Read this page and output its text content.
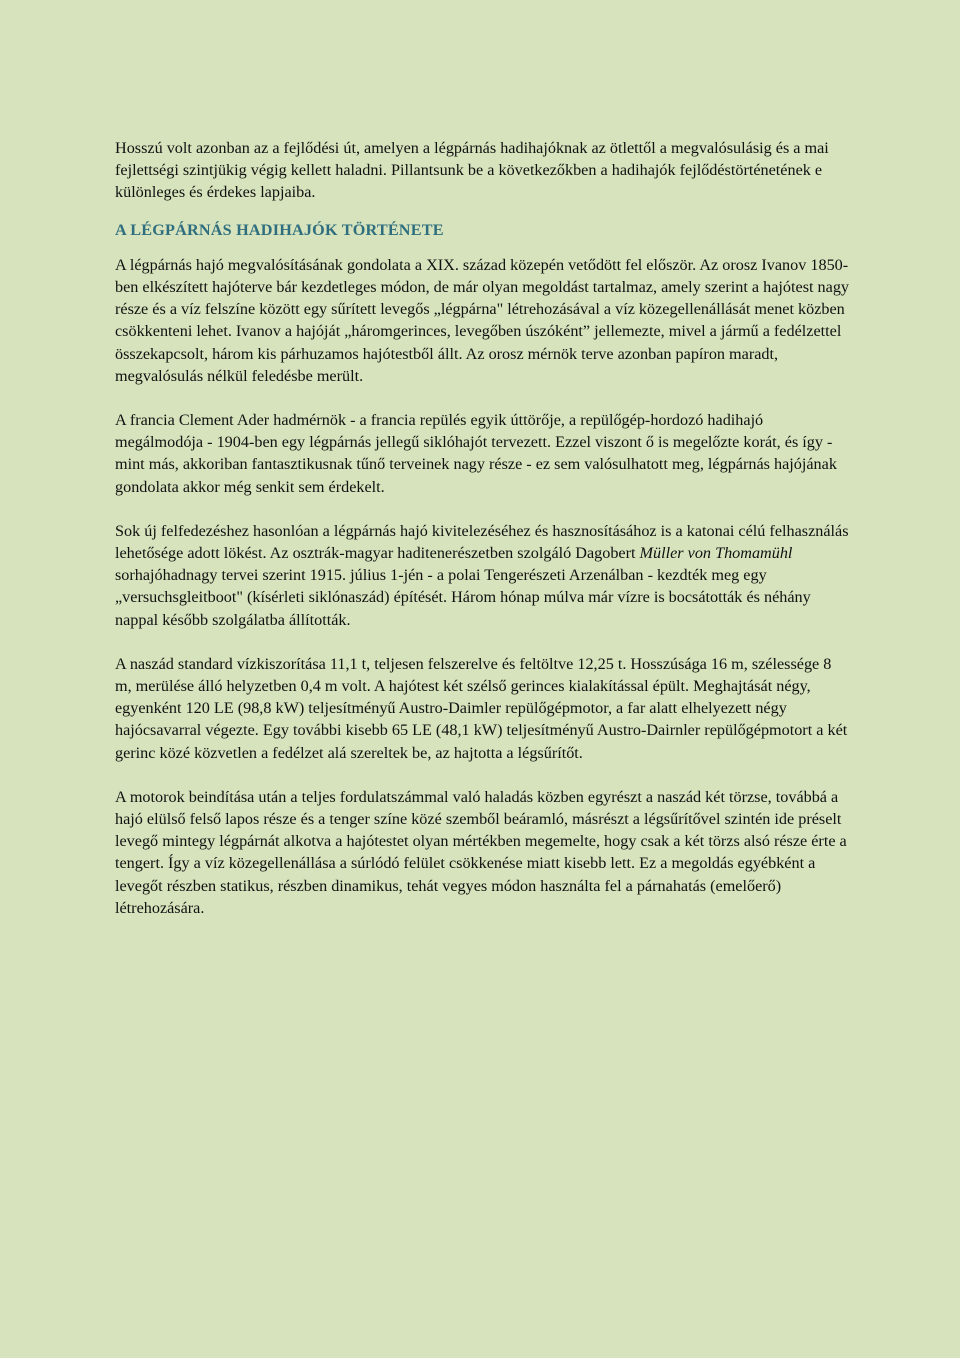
Hosszú volt azonban az a fejlődési út, amelyen a légpárnás hadihajóknak az ötlettől a megvalósulásig és a mai fejlettségi szintjükig végig kellett haladni. Pillantsunk be a következőkben a hadihajók fejlődéstörténetének e különleges és érdekes lapjaiba.

A LÉGPÁRNÁS HADIHAJÓK TÖRTÉNETE

A légpárnás hajó megvalósításának gondolata a XIX. század közepén vetődött fel először. Az orosz Ivanov 1850-ben elkészített hajóterve bár kezdetleges módon, de már olyan megoldást tartalmaz, amely szerint a hajótest nagy része és a víz felszíne között egy sűrített levegős „légpárna" létrehozásával a víz közegellenállását menet közben csökkenteni lehet. Ivanov a hajóját „háromgerinces, levegőben úszóként” jellemezte, mivel a jármű a fedélzettel összekapcsolt, három kis párhuzamos hajótestből állt. Az orosz mérnök terve azonban papíron maradt, megvalósulás nélkül feledésbe merült.

A francia Clement Ader hadmérnök - a francia repülés egyik úttörője, a repülőgép-hordozó hadihajó megálmodója - 1904-ben egy légpárnás jellegű siklóhajót tervezett. Ezzel viszont ő is megelőzte korát, és így - mint más, akkoriban fantasztikusnak tűnő terveinek nagy része - ez sem valósulhatott meg, légpárnás hajójának gondolata akkor még senkit sem érdekelt.

Sok új felfedezéshez hasonlóan a légpárnás hajó kivitelezéséhez és hasznosításához is a katonai célú felhasználás lehetősége adott lökést. Az osztrák-magyar haditenerészetben szolgáló Dagobert Müller von Thomamühl sorhajóhadnagy tervei szerint 1915. július 1-jén - a polai Tengerészeti Arzenálban - kezdték meg egy „versuchsgleitboot" (kísérleti siklónaszád) építését. Három hónap múlva már vízre is bocsátották és néhány nappal később szolgálatba állították.

A naszád standard vízkiszorítása 11,1 t, teljesen felszerelve és feltöltve 12,25 t. Hosszúsága 16 m, szélessége 8 m, merülése álló helyzetben 0,4 m volt. A hajótest két szélső gerinces kialakítással épült. Meghajtását négy, egyenként 120 LE (98,8 kW) teljesítményű Austro-Daimler repülőgépmotor, a far alatt elhelyezett négy hajócsavarral végezte. Egy további kisebb 65 LE (48,1 kW) teljesítményű Austro-Dairnler repülőgépmotort a két gerinc közé közvetlen a fedélzet alá szereltek be, az hajtotta a légsűrítőt.

A motorok beindítása után a teljes fordulatszámmal való haladás közben egyrészt a naszád két törzse, továbbá a hajó elülső felső lapos része és a tenger színe közé szemből beáramló, másrészt a légsűrítővel szintén ide préselt levegő mintegy légpárnát alkotva a hajótestet olyan mértékben megemelte, hogy csak a két törzs alsó része érte a tengert. Így a víz közegellenállása a súrlódó felület csökkenése miatt kisebb lett. Ez a megoldás egyébként a levegőt részben statikus, részben dinamikus, tehát vegyes módon használta fel a párnahatás (emelőerő) létrehozására.
